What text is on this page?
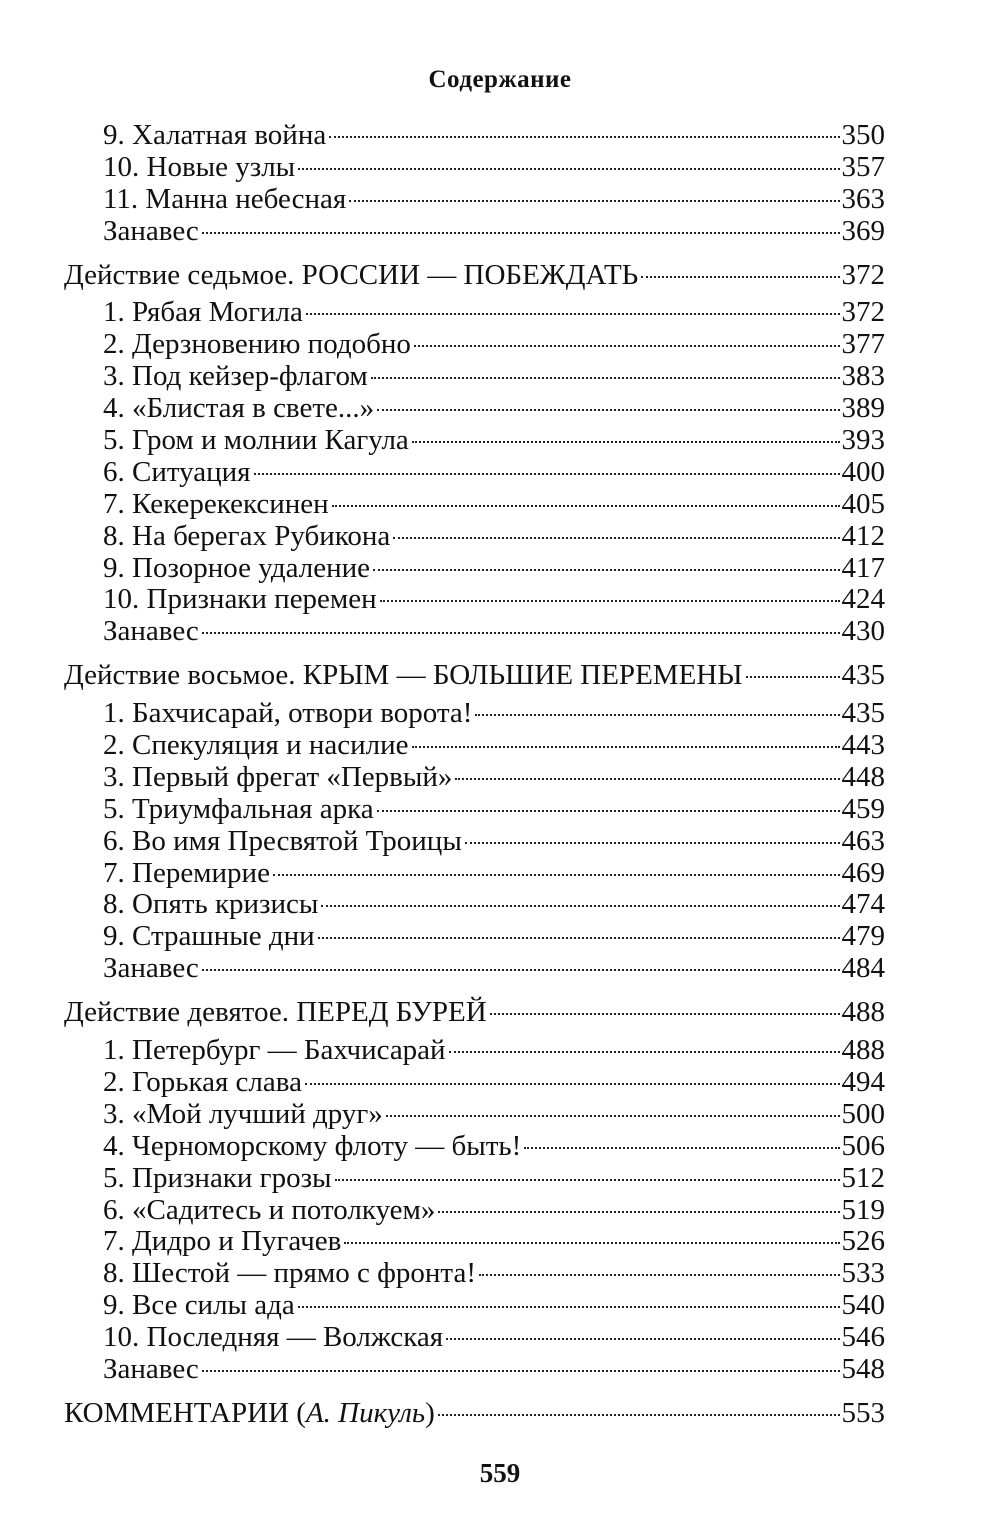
Содержание
9. Халатная война	350
10. Новые узлы	357
11. Манна небесная	363
Занавес	369
Действие седьмое. РОССИИ — ПОБЕЖДАТЬ	372
1. Рябая Могила	372
2. Дерзновению подобно	377
3. Под кейзер-флагом	383
4. «Блистая в свете...»	389
5. Гром и молнии Кагула	393
6. Ситуация	400
7. Кекерекексинен	405
8. На берегах Рубикона	412
9. Позорное удаление	417
10. Признаки перемен	424
Занавес	430
Действие восьмое. КРЫМ — БОЛЬШИЕ ПЕРЕМЕНЫ	435
1. Бахчисарай, отвори ворота!	435
2. Спекуляция и насилие	443
3. Первый фрегат «Первый»	448
5. Триумфальная арка	459
6. Во имя Пресвятой Троицы	463
7. Перемирие	469
8. Опять кризисы	474
9. Страшные дни	479
Занавес	484
Действие девятое. ПЕРЕД БУРЕЙ	488
1. Петербург — Бахчисарай	488
2. Горькая слава	494
3. «Мой лучший друг»	500
4. Черноморскому флоту — быть!	506
5. Признаки грозы	512
6. «Садитесь и потолкуем»	519
7. Дидро и Пугачев	526
8. Шестой — прямо с фронта!	533
9. Все силы ада	540
10. Последняя — Волжская	546
Занавес	548
КОММЕНТАРИИ (А. Пикуль)	553
559
